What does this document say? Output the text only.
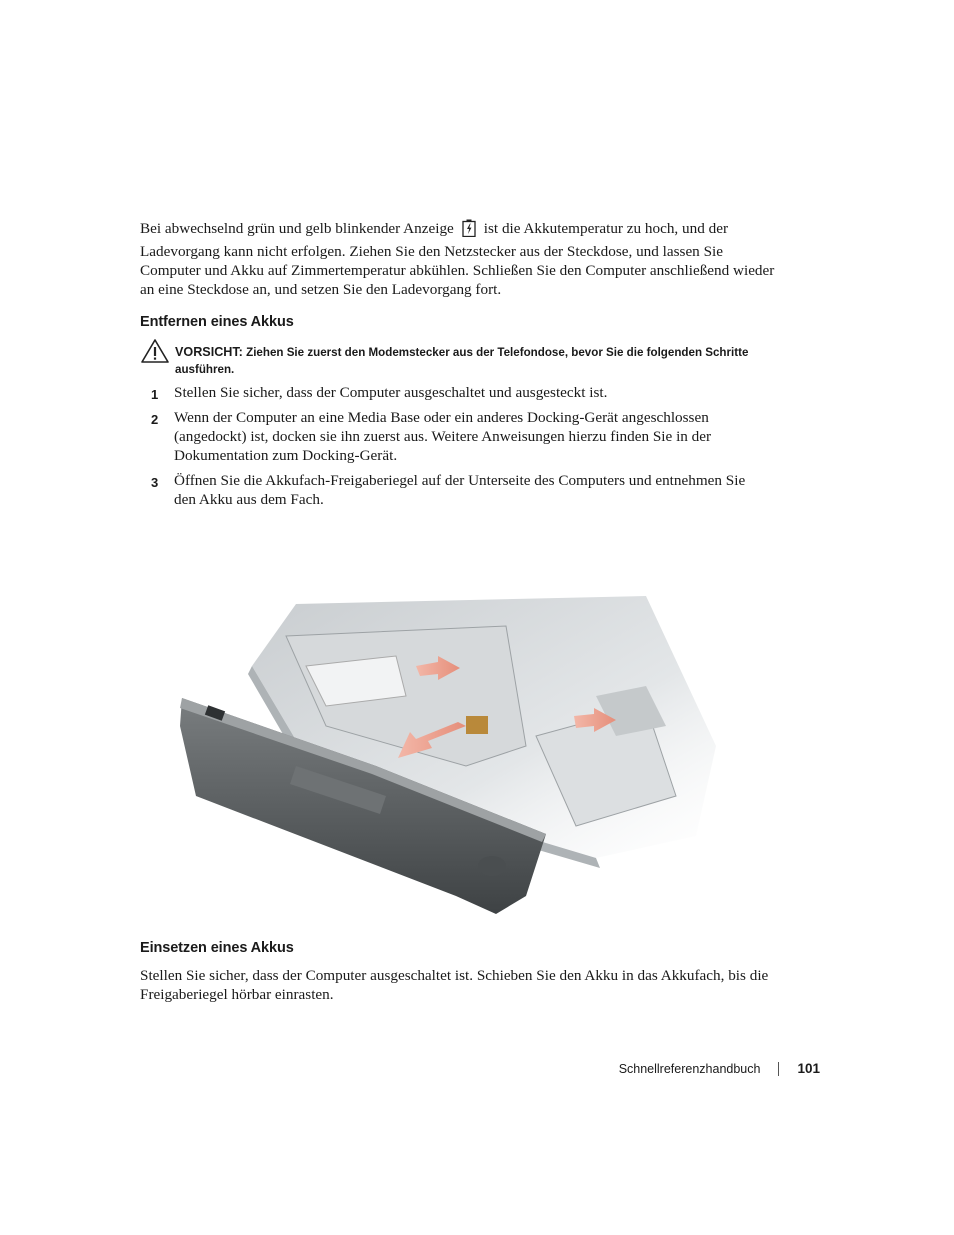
Bei abwechselnd grün und gelb blinkender Anzeige ist die Akkutemperatur zu hoch, und der Ladevorgang kann nicht erfolgen. Ziehen Sie den Netzstecker aus der Steckdose, und lassen Sie Computer und Akku auf Zimmertemperatur abkühlen. Schließen Sie den Computer anschließend wieder an eine Steckdose an, und setzen Sie den Ladevorgang fort.

Entfernen eines Akkus
VORSICHT: Ziehen Sie zuerst den Modemstecker aus der Telefondose, bevor Sie die folgenden Schritte ausführen.
1 Stellen Sie sicher, dass der Computer ausgeschaltet und ausgesteckt ist.
2 Wenn der Computer an eine Media Base oder ein anderes Docking-Gerät angeschlossen (angedockt) ist, docken sie ihn zuerst aus. Weitere Anweisungen hierzu finden Sie in der Dokumentation zum Docking-Gerät.
3 Öffnen Sie die Akkufach-Freigaberiegel auf der Unterseite des Computers und entnehmen Sie den Akku aus dem Fach.
Einsetzen eines Akkus

Stellen Sie sicher, dass der Computer ausgeschaltet ist. Schieben Sie den Akku in das Akkufach, bis die Freigaberiegel hörbar einrasten.

Schnellreferenzhandbuch	101
